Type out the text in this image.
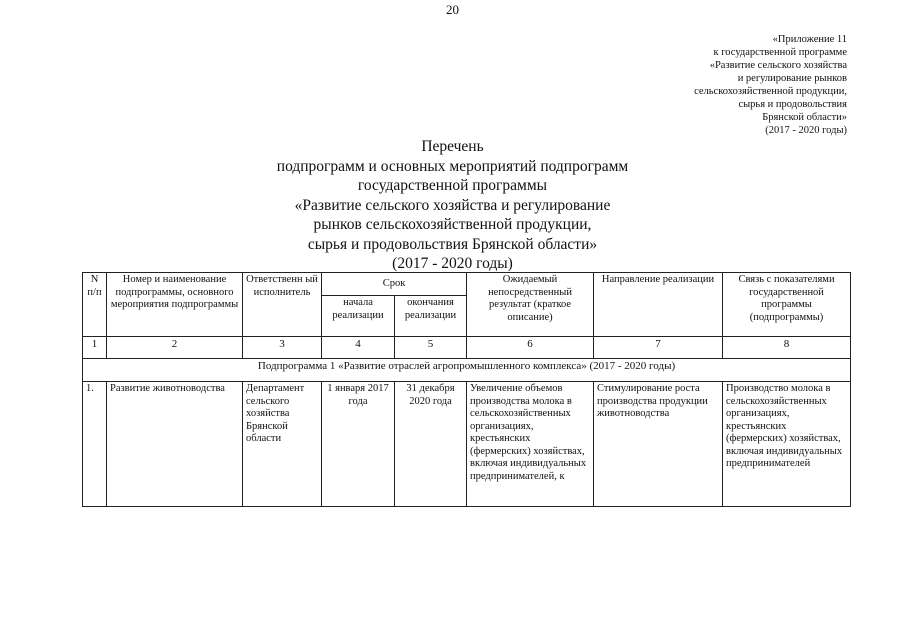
20
«Приложение 11
к государственной программе
«Развитие сельского хозяйства
и регулирование рынков
сельскохозяйственной продукции,
сырья и продовольствия
Брянской области»
(2017 - 2020 годы)
Перечень
подпрограмм и основных мероприятий подпрограмм
государственной программы
«Развитие сельского хозяйства и регулирование
рынков сельскохозяйственной продукции,
сырья и продовольствия Брянской области»
(2017 - 2020 годы)
N п/п	Номер и наименование подпрограммы, основного мероприятия подпрограммы	Ответственн ый исполнитель	Срок		Ожидаемый непосредственный результат (краткое описание)	Направление реализации	Связь с показателями государственной программы (подпрограммы)
			начала реализации	окончания реализации			
1	2	3	4	5	6	7	8
Подпрограмма 1 «Развитие отраслей агропромышленного комплекса» (2017 - 2020 годы)							
1.	Развитие животноводства	Департамент сельского хозяйства Брянской области	1 января 2017 года	31 декабря 2020 года	Увеличение объемов производства молока в сельскохозяйственных организациях, крестьянских (фермерских) хозяйствах, включая индивидуальных предпринимателей, к	Стимулирование роста производства продукции животноводства	Производство молока в сельскохозяйственных организациях, крестьянских (фермерских) хозяйствах, включая индивидуальных предпринимателей
